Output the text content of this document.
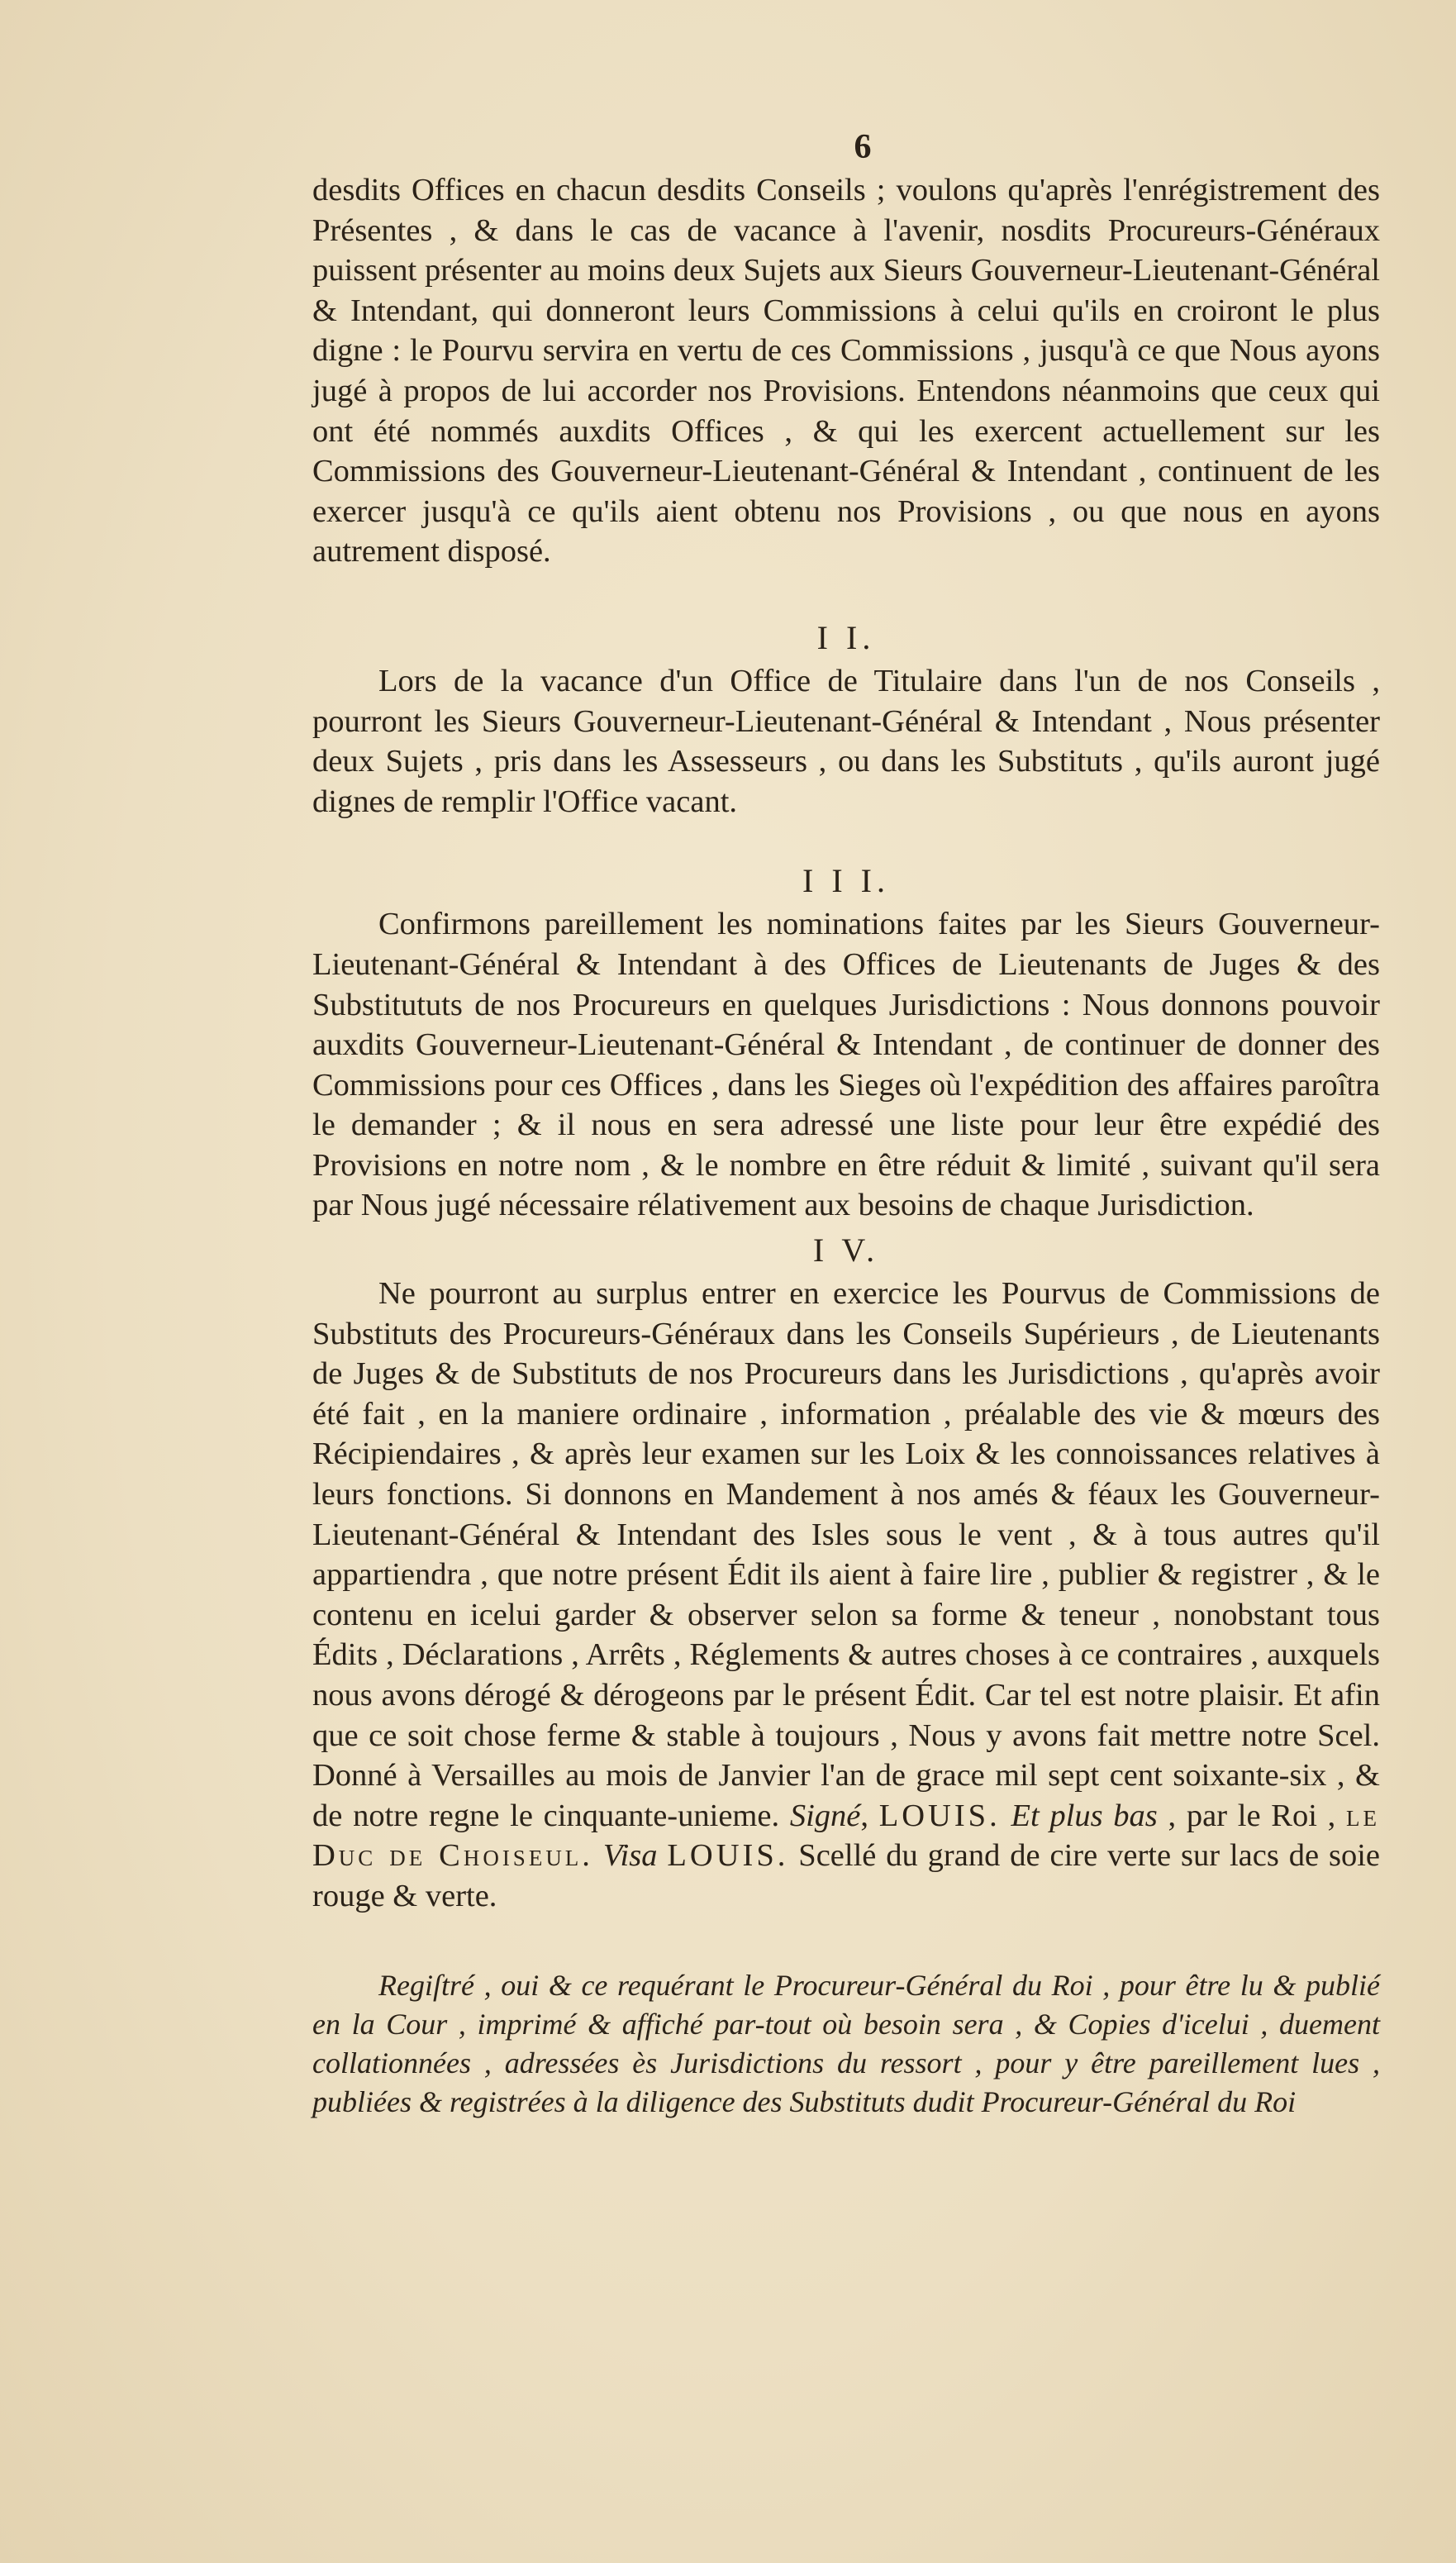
6

desdits Offices en chacun desdits Conseils ; voulons qu'après l'enrégistrement des Présentes , & dans le cas de vacance à l'avenir, nosdits Procureurs-Généraux puissent présenter au moins deux Sujets aux Sieurs Gouverneur-Lieutenant-Général & Intendant, qui donneront leurs Commissions à celui qu'ils en croiront le plus digne : le Pourvu servira en vertu de ces Commissions , jusqu'à ce que Nous ayons jugé à propos de lui accorder nos Provisions. Entendons néanmoins que ceux qui ont été nommés auxdits Offices , & qui les exercent actuellement sur les Commissions des Gouverneur-Lieutenant-Général & Intendant , continuent de les exercer jusqu'à ce qu'ils aient obtenu nos Provisions , ou que nous en ayons autrement disposé.

I I.

Lors de la vacance d'un Office de Titulaire dans l'un de nos Conseils , pourront les Sieurs Gouverneur-Lieutenant-Général & Intendant , Nous présenter deux Sujets , pris dans les Assesseurs , ou dans les Substituts , qu'ils auront jugé dignes de remplir l'Office vacant.

I I I.

Confirmons pareillement les nominations faites par les Sieurs Gouverneur-Lieutenant-Général & Intendant à des Offices de Lieutenants de Juges & des Substitututs de nos Procureurs en quelques Jurisdictions : Nous donnons pouvoir auxdits Gouverneur-Lieutenant-Général & Intendant , de continuer de donner des Commissions pour ces Offices , dans les Sieges où l'expédition des affaires paroîtra le demander ; & il nous en sera adressé une liste pour leur être expédié des Provisions en notre nom , & le nombre en être réduit & limité , suivant qu'il sera par Nous jugé nécessaire rélativement aux besoins de chaque Jurisdiction.

I V.

Ne pourront au surplus entrer en exercice les Pourvus de Commissions de Substituts des Procureurs-Généraux dans les Conseils Supérieurs , de Lieutenants de Juges & de Substituts de nos Procureurs dans les Jurisdictions , qu'après avoir été fait , en la maniere ordinaire , information , préalable des vie & mœurs des Récipiendaires , & après leur examen sur les Loix & les connoissances relatives à leurs fonctions. Si donnons en Mandement à nos amés & féaux les Gouverneur-Lieutenant-Général & Intendant des Isles sous le vent , & à tous autres qu'il appartiendra , que notre présent Édit ils aient à faire lire , publier & registrer , & le contenu en icelui garder & observer selon sa forme & teneur , nonobstant tous Édits , Déclarations , Arrêts , Réglements & autres choses à ce contraires , auxquels nous avons dérogé & dérogeons par le présent Édit. Car tel est notre plaisir. Et afin que ce soit chose ferme & stable à toujours , Nous y avons fait mettre notre Scel. Donné à Versailles au mois de Janvier l'an de grace mil sept cent soixante-six , & de notre regne le cinquante-unieme. Signé, LOUIS. Et plus bas , par le Roi , le Duc de Choiseul. Visa LOUIS. Scellé du grand de cire verte sur lacs de soie rouge & verte.

Regiſtré , oui & ce requérant le Procureur-Général du Roi , pour être lu & publié en la Cour , imprimé & affiché par-tout où besoin sera , & Copies d'icelui , duement collationnées , adressées ès Jurisdictions du ressort , pour y être pareillement lues , publiées & registrées à la diligence des Substituts dudit Procureur-Général du Roi
